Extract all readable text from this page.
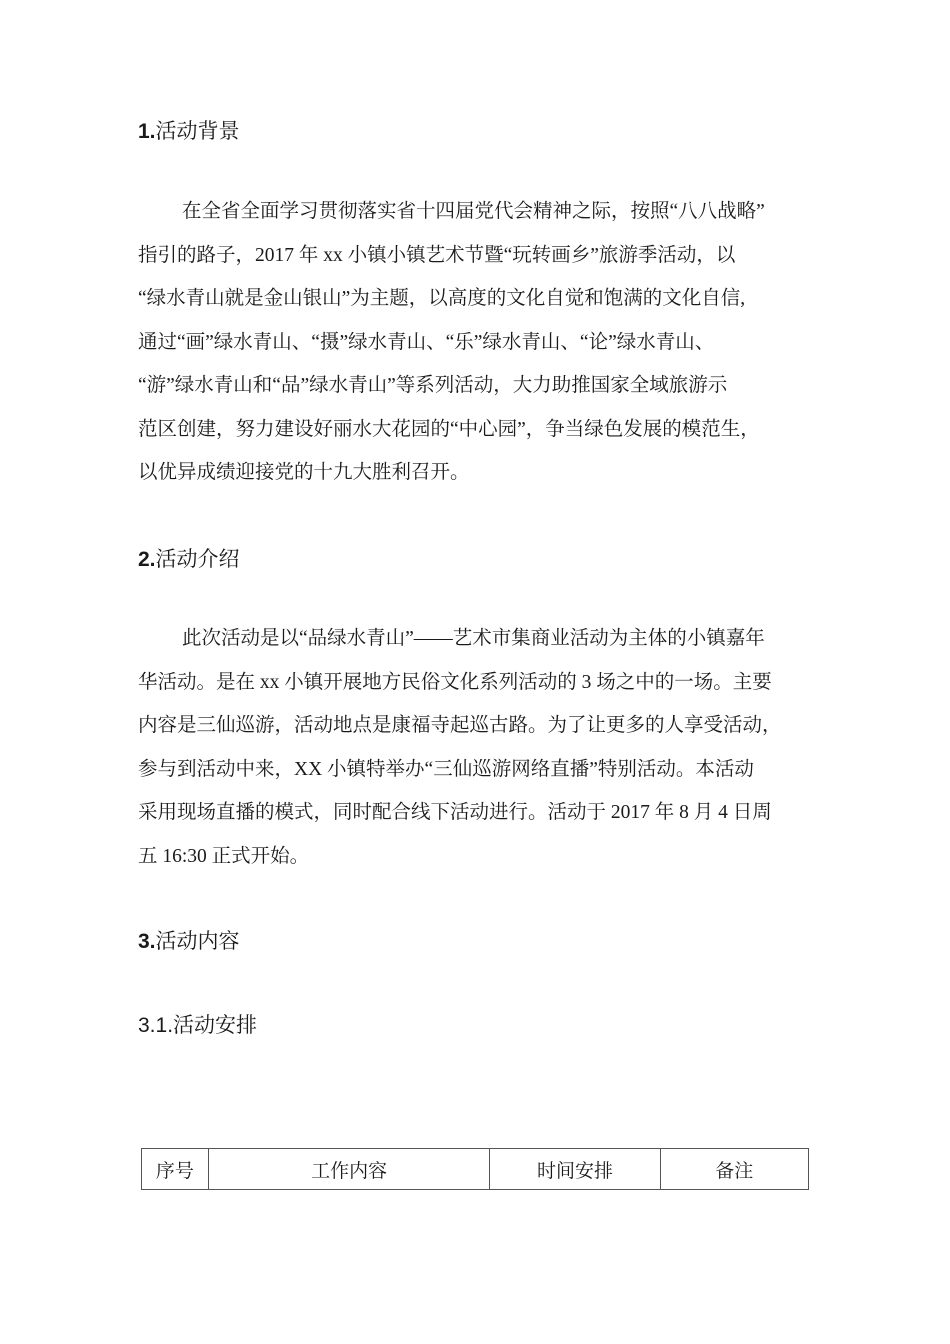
1.活动背景
在全省全面学习贯彻落实省十四届党代会精神之际，按照“八八战略”
指引的路子，2017 年 xx 小镇小镇艺术节暨“玩转画乡”旅游季活动，以
“绿水青山就是金山银山”为主题，以高度的文化自觉和饱满的文化自信,
通过“画”绿水青山、“摄”绿水青山、“乐”绿水青山、“论”绿水青山、
“游”绿水青山和“品”绿水青山”等系列活动，大力助推国家全域旅游示
范区创建，努力建设好丽水大花园的“中心园”，争当绿色发展的模范生，
以优异成绩迎接党的十九大胜利召开。
2.活动介绍
此次活动是以“品绿水青山”——艺术市集商业活动为主体的小镇嘉年
华活动。是在 xx 小镇开展地方民俗文化系列活动的 3 场之中的一场。主要
内容是三仙巡游，活动地点是康福寺起巡古路。为了让更多的人享受活动，
参与到活动中来，XX 小镇特举办“三仙巡游网络直播”特别活动。本活动
采用现场直播的模式，同时配合线下活动进行。活动于 2017 年 8 月 4 日周
五 16:30 正式开始。
3.活动内容
3.1.活动安排
序号	工作内容	时间安排	备注
